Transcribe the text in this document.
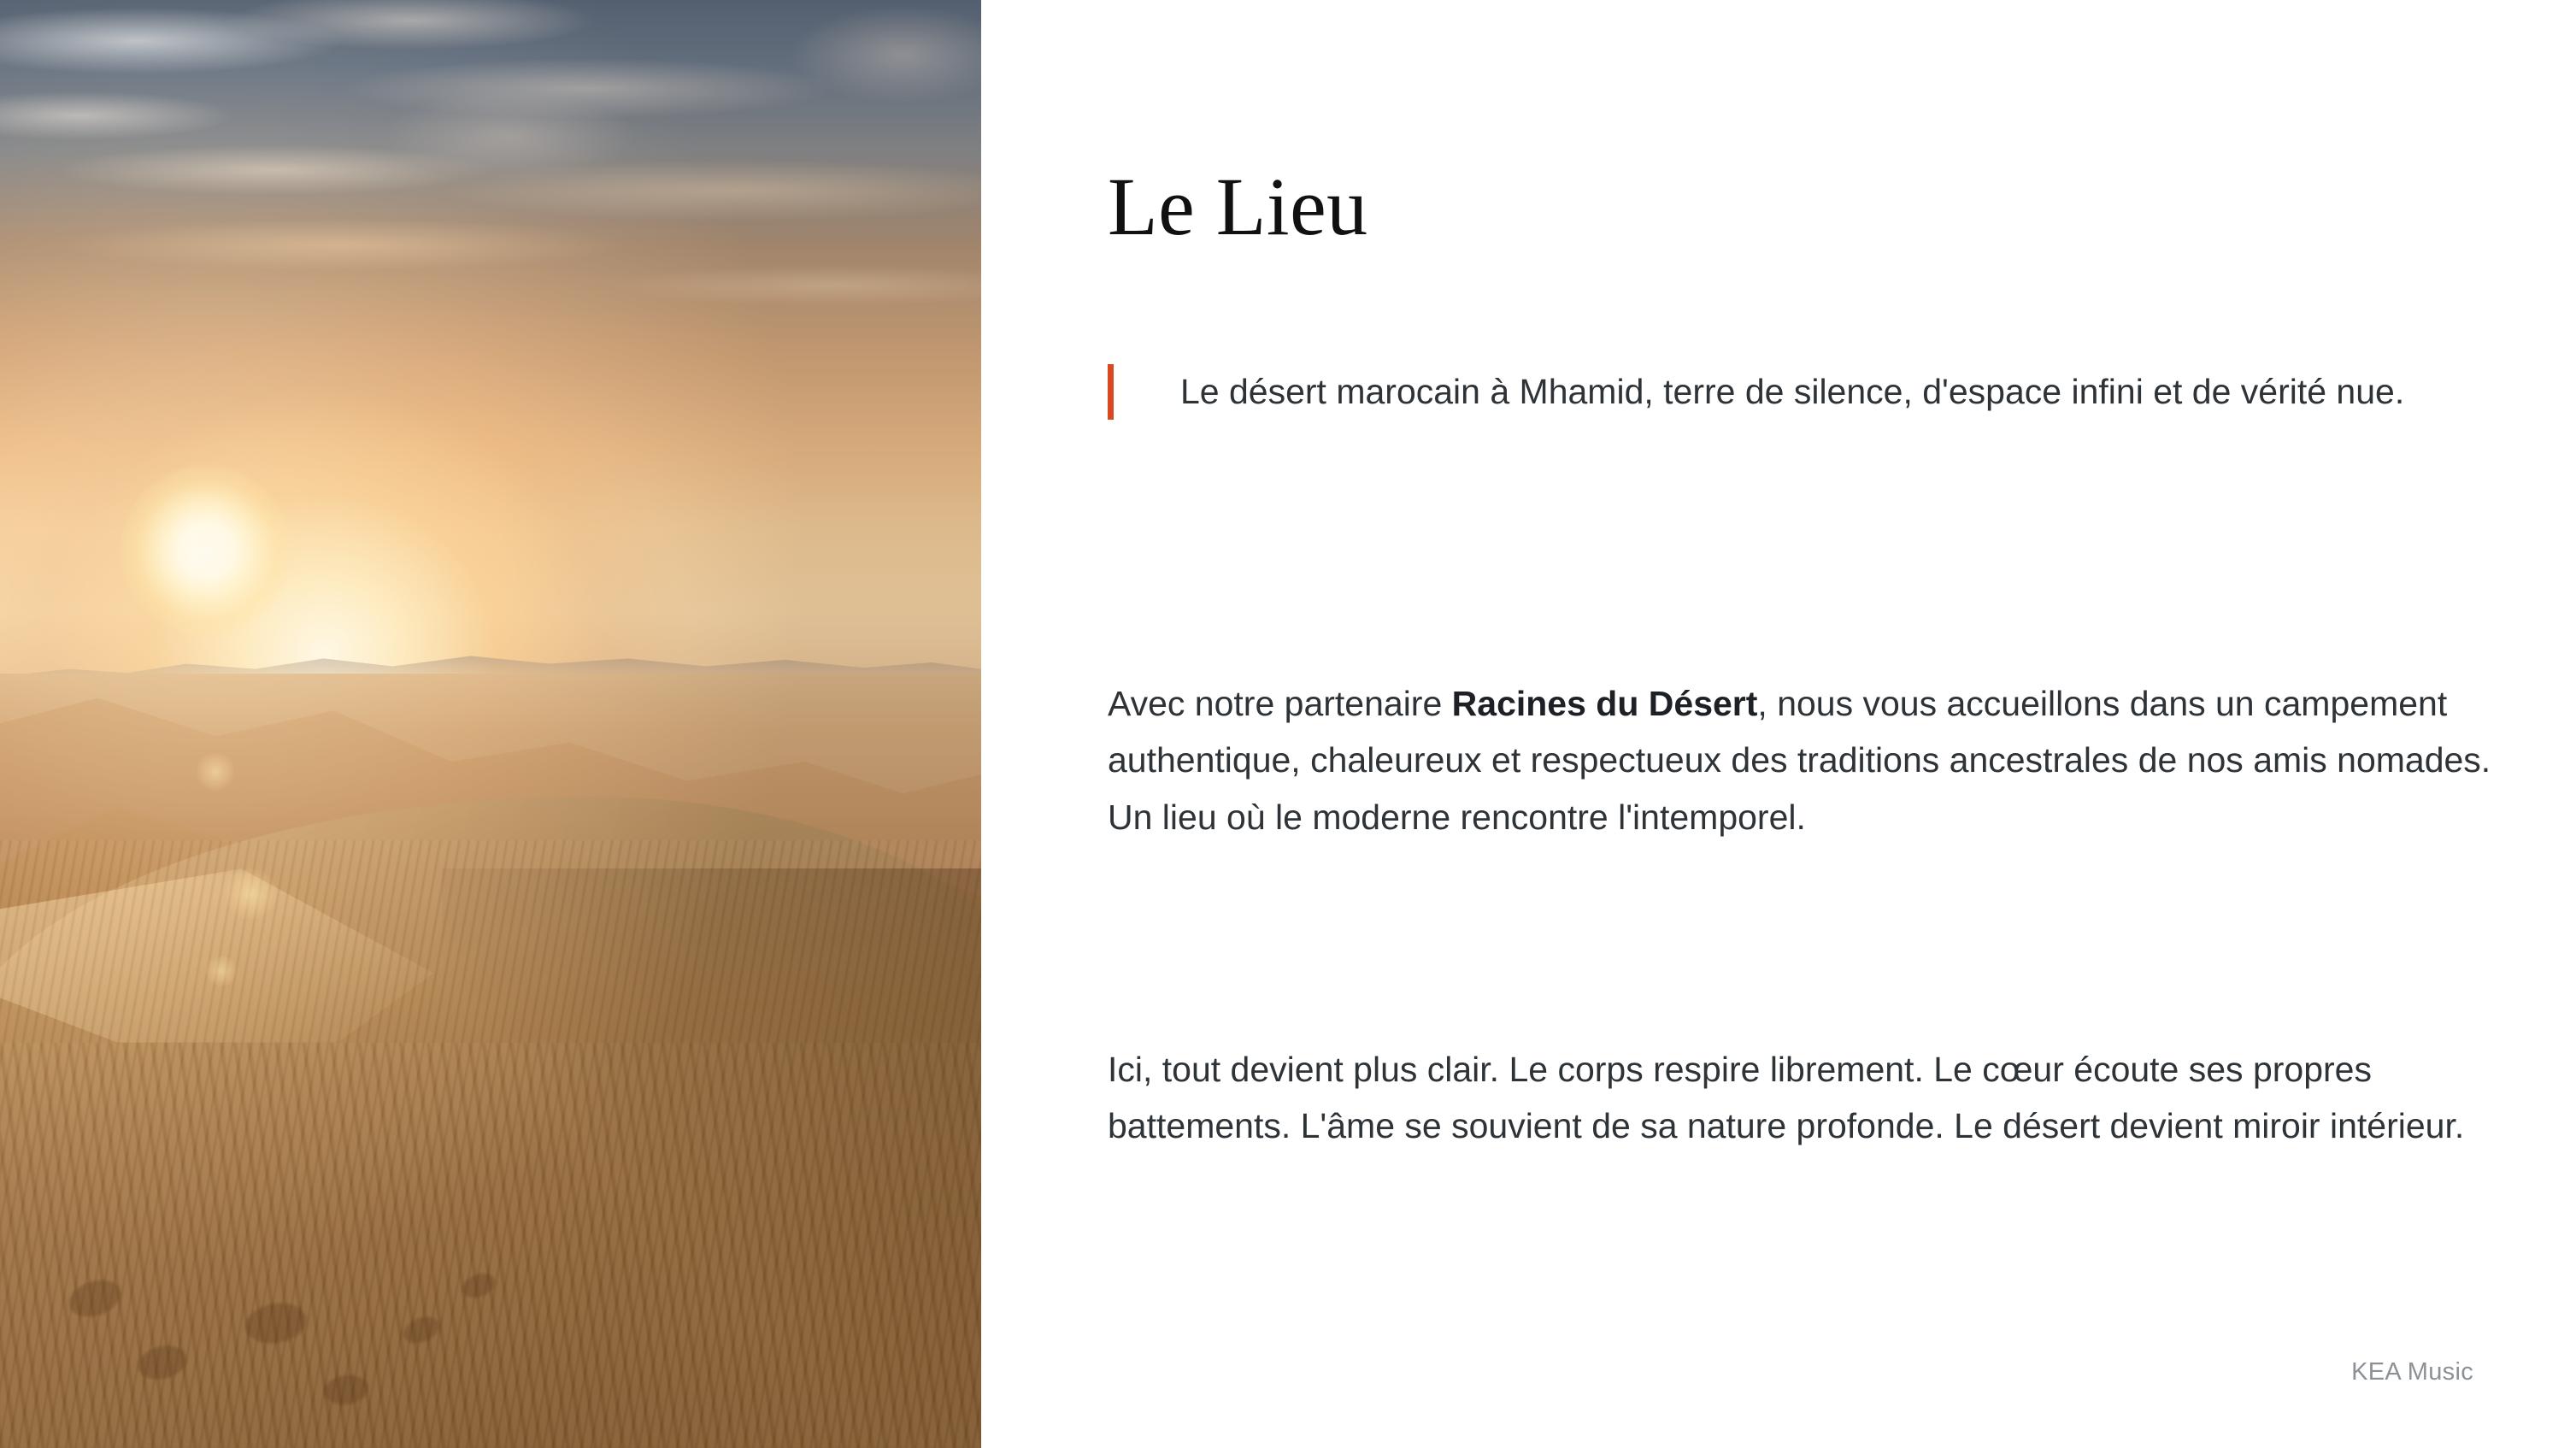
Le Lieu

Le désert marocain à Mhamid, terre de silence, d'espace infini et de vérité nue.

Avec notre partenaire Racines du Désert, nous vous accueillons dans un campement authentique, chaleureux et respectueux des traditions ancestrales de nos amis nomades. Un lieu où le moderne rencontre l'intemporel.

Ici, tout devient plus clair. Le corps respire librement. Le cœur écoute ses propres battements. L'âme se souvient de sa nature profonde. Le désert devient miroir intérieur.

KEA Music
